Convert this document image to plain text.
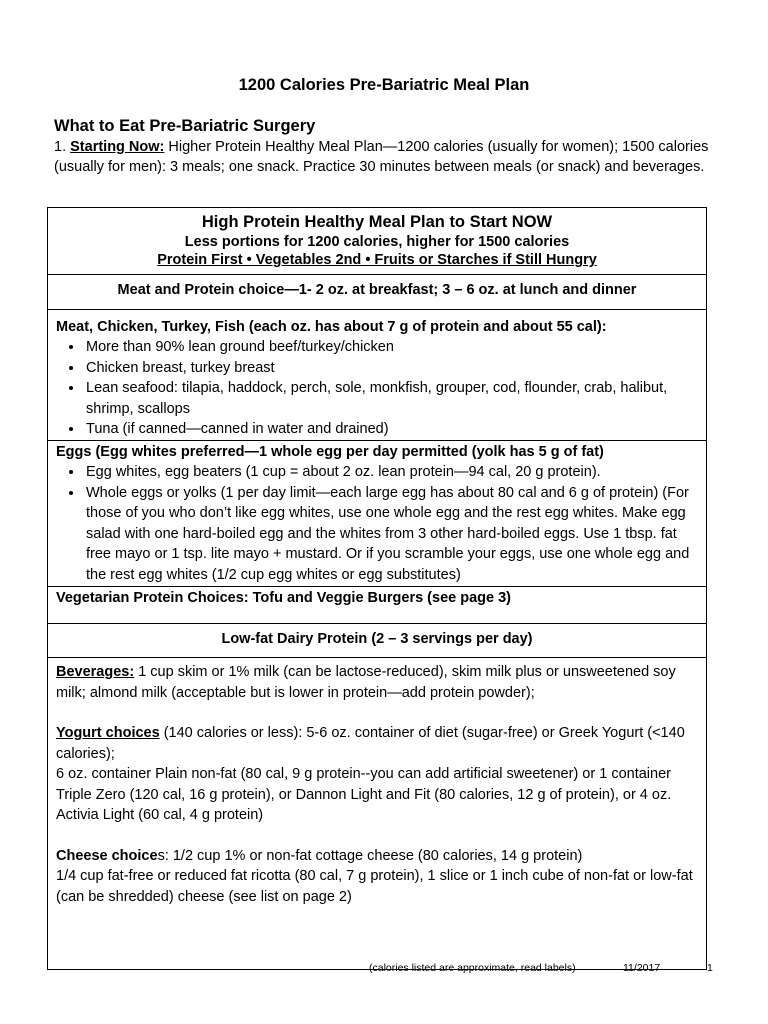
1200 Calories Pre-Bariatric Meal Plan
What to Eat Pre-Bariatric Surgery
1. Starting Now: Higher Protein Healthy Meal Plan—1200 calories (usually for women); 1500 calories (usually for men): 3 meals; one snack. Practice 30 minutes between meals (or snack) and beverages.
High Protein Healthy Meal Plan to Start NOW
Less portions for 1200 calories, higher for 1500 calories
Protein First • Vegetables 2nd • Fruits or Starches if Still Hungry

Meat and Protein choice—1- 2 oz. at breakfast; 3 – 6 oz. at lunch and dinner

Meat, Chicken, Turkey, Fish (each oz. has about 7 g of protein and about 55 cal):
• More than 90% lean ground beef/turkey/chicken
• Chicken breast, turkey breast
• Lean seafood: tilapia, haddock, perch, sole, monkfish, grouper, cod, flounder, crab, halibut, shrimp, scallops
• Tuna (if canned—canned in water and drained)

Eggs (Egg whites preferred—1 whole egg per day permitted (yolk has 5 g of fat)
• Egg whites, egg beaters (1 cup = about 2 oz. lean protein—94 cal, 20 g protein).
• Whole eggs or yolks (1 per day limit—each large egg has about 80 cal and 6 g of protein) (For those of you who don’t like egg whites, use one whole egg and the rest egg whites. Make egg salad with one hard-boiled egg and the whites from 3 other hard-boiled eggs. Use 1 tbsp. fat free mayo or 1 tsp. lite mayo + mustard. Or if you scramble your eggs, use one whole egg and the rest egg whites (1/2 cup egg whites or egg substitutes)

Vegetarian Protein Choices: Tofu and Veggie Burgers (see page 3)
Low-fat Dairy Protein (2 – 3 servings per day)

Beverages: 1 cup skim or 1% milk (can be lactose-reduced), skim milk plus or unsweetened soy milk; almond milk (acceptable but is lower in protein—add protein powder);

Yogurt choices (140 calories or less): 5-6 oz. container of diet (sugar-free) or Greek Yogurt (<140 calories);

6 oz. container Plain non-fat (80 cal, 9 g protein--you can add artificial sweetener) or 1 container Triple Zero (120 cal, 16 g protein), or Dannon Light and Fit (80 calories, 12 g of protein), or 4 oz. Activia Light (60 cal, 4 g protein)

Cheese choices: 1/2 cup 1% or non-fat cottage cheese (80 calories, 14 g protein)

1/4 cup fat-free or reduced fat ricotta (80 cal, 7 g protein), 1 slice or 1 inch cube of non-fat or low-fat (can be shredded) cheese (see list on page 2)

(calories listed are approximate, read labels)	11/2017	1
